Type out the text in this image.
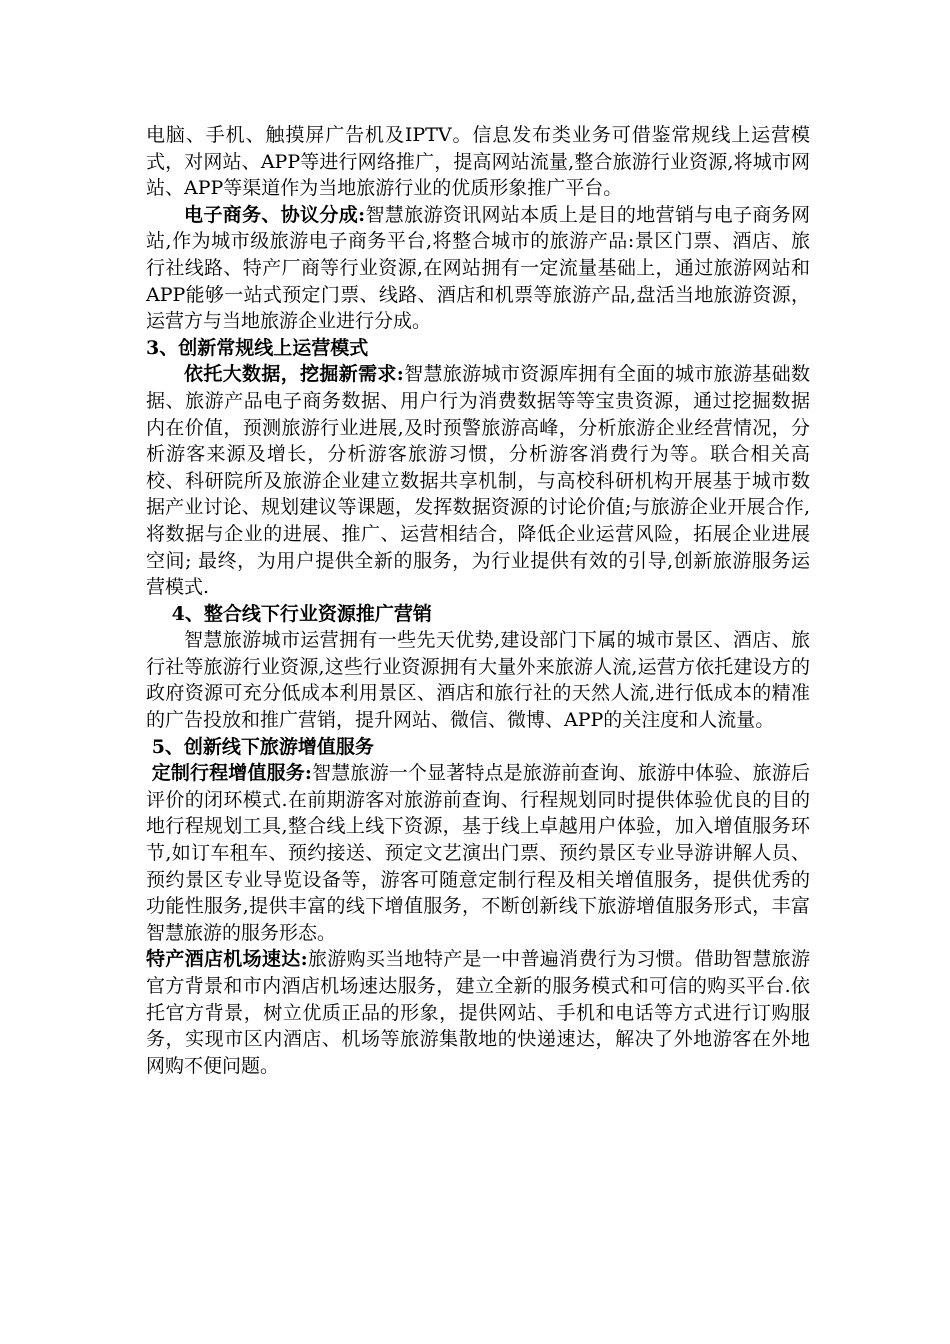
电脑、手机、触摸屏广告机及IPTV。信息发布类业务可借鉴常规线上运营模式，对网站、APP等进行网络推广，提高网站流量,整合旅游行业资源,将城市网站、APP等渠道作为当地旅游行业的优质形象推广平台。

电子商务、协议分成:智慧旅游资讯网站本质上是目的地营销与电子商务网站,作为城市级旅游电子商务平台,将整合城市的旅游产品:景区门票、酒店、旅行社线路、特产厂商等行业资源,在网站拥有一定流量基础上，通过旅游网站和APP能够一站式预定门票、线路、酒店和机票等旅游产品,盘活当地旅游资源，运营方与当地旅游企业进行分成。

3、创新常规线上运营模式

依托大数据，挖掘新需求:智慧旅游城市资源库拥有全面的城市旅游基础数据、旅游产品电子商务数据、用户行为消费数据等等宝贵资源，通过挖掘数据内在价值，预测旅游行业进展,及时预警旅游高峰，分析旅游企业经营情况，分析游客来源及增长，分析游客旅游习惯，分析游客消费行为等。联合相关高校、科研院所及旅游企业建立数据共享机制，与高校科研机构开展基于城市数据产业讨论、规划建议等课题，发挥数据资源的讨论价值;与旅游企业开展合作,将数据与企业的进展、推广、运营相结合，降低企业运营风险，拓展企业进展空间; 最终，为用户提供全新的服务，为行业提供有效的引导,创新旅游服务运营模式.

4、整合线下行业资源推广营销

智慧旅游城市运营拥有一些先天优势,建设部门下属的城市景区、酒店、旅行社等旅游行业资源,这些行业资源拥有大量外来旅游人流,运营方依托建设方的政府资源可充分低成本利用景区、酒店和旅行社的天然人流,进行低成本的精准的广告投放和推广营销，提升网站、微信、微博、APP的关注度和人流量。

5、创新线下旅游增值服务

定制行程增值服务:智慧旅游一个显著特点是旅游前查询、旅游中体验、旅游后评价的闭环模式.在前期游客对旅游前查询、行程规划同时提供体验优良的目的地行程规划工具,整合线上线下资源，基于线上卓越用户体验，加入增值服务环节,如订车租车、预约接送、预定文艺演出门票、预约景区专业导游讲解人员、预约景区专业导览设备等，游客可随意定制行程及相关增值服务，提供优秀的功能性服务,提供丰富的线下增值服务，不断创新线下旅游增值服务形式，丰富智慧旅游的服务形态。

特产酒店机场速达:旅游购买当地特产是一中普遍消费行为习惯。借助智慧旅游官方背景和市内酒店机场速达服务，建立全新的服务模式和可信的购买平台.依托官方背景，树立优质正品的形象，提供网站、手机和电话等方式进行订购服务，实现市区内酒店、机场等旅游集散地的快递速达，解决了外地游客在外地网购不便问题。
